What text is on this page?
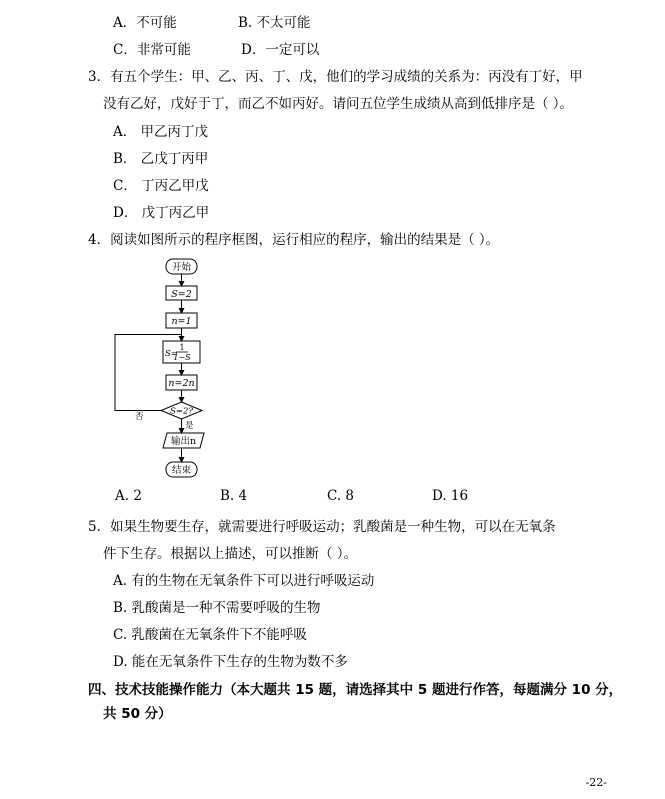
A．不可能	B. 不太可能
C．非常可能	D．一定可以
3．有五个学生：甲、乙、丙、丁、戊，他们的学习成绩的关系为：丙没有丁好，甲
没有乙好，戊好于丁，而乙不如丙好。请问五位学生成绩从高到低排序是（ ）。
A． 甲乙丙丁戊
B． 乙戊丁丙甲
C． 丁丙乙甲戊
D． 戊丁丙乙甲
4．阅读如图所示的程序框图，运行相应的程序，输出的结果是（ ）。
开始
S=2
n=1
S=
1
1−S
n=2n
S=2?
否
是
输出n
结束
A. 2	B. 4	C. 8	D. 16
5．如果生物要生存，就需要进行呼吸运动；乳酸菌是一种生物，可以在无氧条
件下生存。根据以上描述，可以推断（ ）。
A. 有的生物在无氧条件下可以进行呼吸运动
B. 乳酸菌是一种不需要呼吸的生物
C. 乳酸菌在无氧条件下不能呼吸
D. 能在无氧条件下生存的生物为数不多
四、技术技能操作能力（本大题共 15 题，请选择其中 5 题进行作答，每题满分 10 分，
共 50 分）
-22-
